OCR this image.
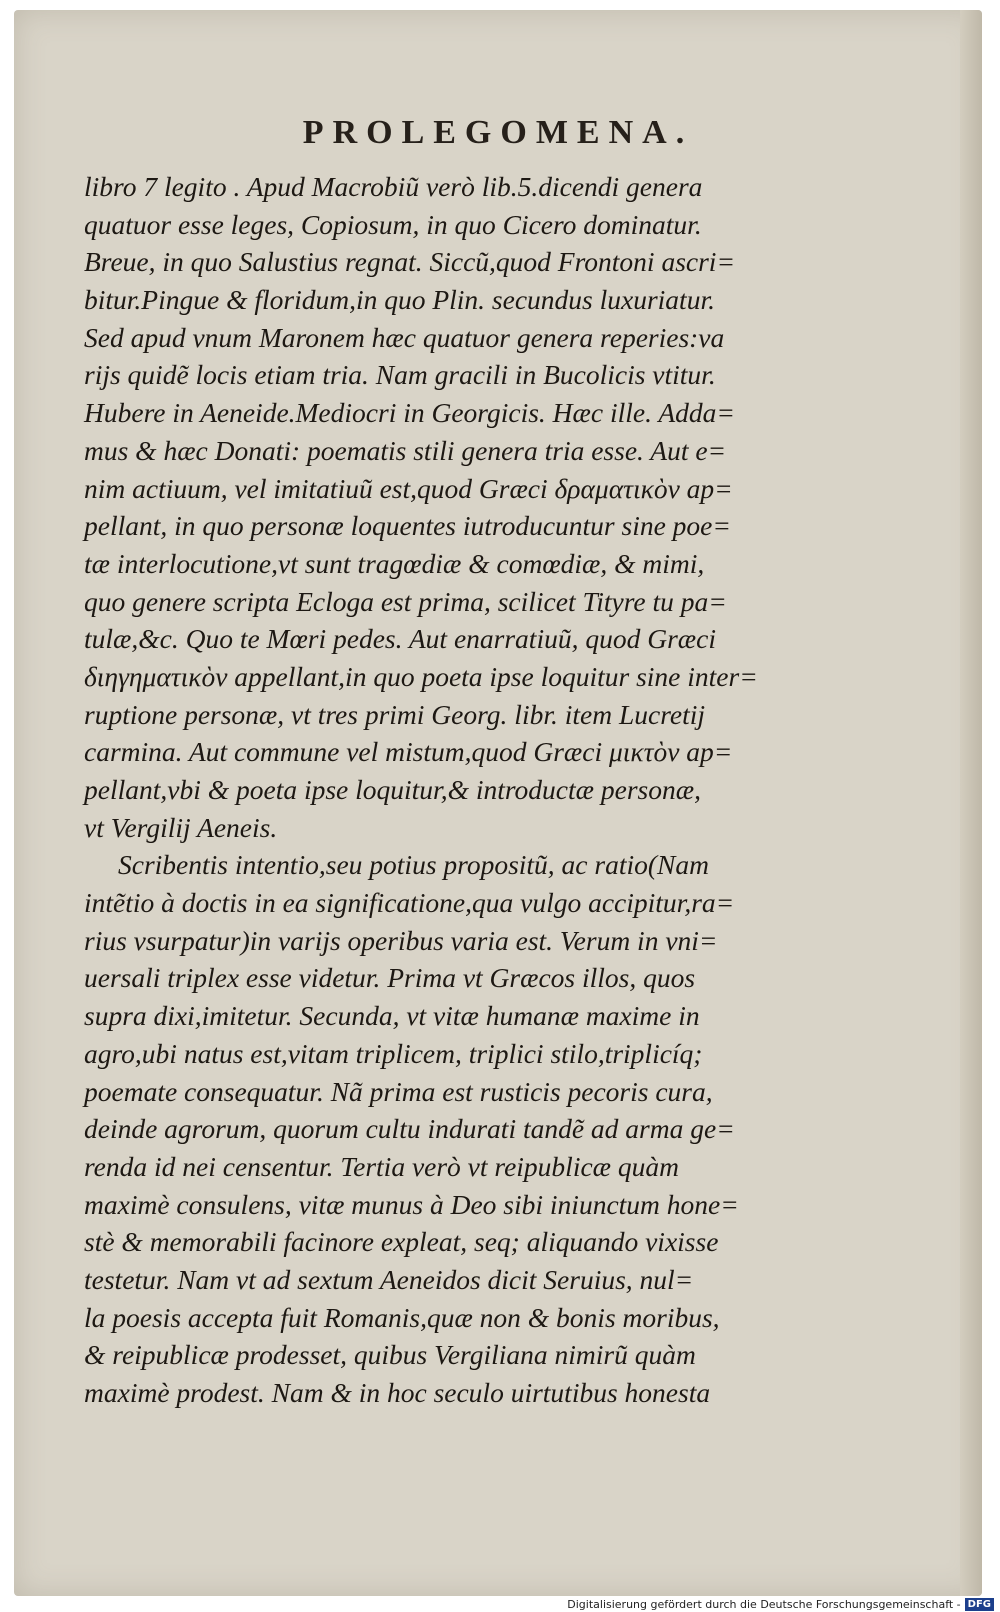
PROLEGOMENA.
libro 7 legito . Apud Macrobiũ verò lib.5.dicendi genera
quatuor esse leges, Copiosum, in quo Cicero dominatur.
Breue, in quo Salustius regnat. Siccũ,quod Frontoni ascri=
bitur.Pingue & floridum,in quo Plin. secundus luxuriatur.
Sed apud vnum Maronem hæc quatuor genera reperies:va
rijs quidẽ locis etiam tria. Nam gracili in Bucolicis vtitur.
Hubere in Aeneide.Mediocri in Georgicis. Hæc ille. Adda=
mus & hæc Donati: poematis stili genera tria esse. Aut e=
nim actiuum, vel imitatiuũ est,quod Græci δραματικὸν ap=
pellant, in quo personæ loquentes iutroducuntur sine poe=
tæ interlocutione,vt sunt tragœdiæ & comœdiæ, & mimi,
quo genere scripta Ecloga est prima, scilicet Tityre tu pa=
tulæ,&c. Quo te Mœri pedes. Aut enarratiuũ, quod Græci
διηγηματικὸν appellant,in quo poeta ipse loquitur sine inter=
ruptione personæ, vt tres primi Georg. libr. item Lucretij
carmina. Aut commune vel mistum,quod Græci μικτὸν ap=
pellant,vbi & poeta ipse loquitur,& introductæ personæ,
vt Vergilij Aeneis.
Scribentis intentio,seu potius propositũ, ac ratio(Nam
intẽtio à doctis in ea significatione,qua vulgo accipitur,ra=
rius vsurpatur)in varijs operibus varia est. Verum in vni=
uersali triplex esse videtur. Prima vt Græcos illos, quos
supra dixi,imitetur. Secunda, vt vitæ humanæ maxime in
agro,ubi natus est,vitam triplicem, triplici stilo,triplicíq;
poemate consequatur. Nã prima est rusticis pecoris cura,
deinde agrorum, quorum cultu indurati tandẽ ad arma ge=
renda id nei censentur. Tertia verò vt reipublicæ quàm
maximè consulens, vitæ munus à Deo sibi iniunctum hone=
stè & memorabili facinore expleat, seq; aliquando vixisse
testetur. Nam vt ad sextum Aeneidos dicit Seruius, nul=
la poesis accepta fuit Romanis,quæ non & bonis moribus,
& reipublicæ prodesset, quibus Vergiliana nimirũ quàm
maximè prodest. Nam & in hoc seculo uirtutibus honesta
Digitalisierung gefördert durch die Deutsche Forschungsgemeinschaft - DFG
